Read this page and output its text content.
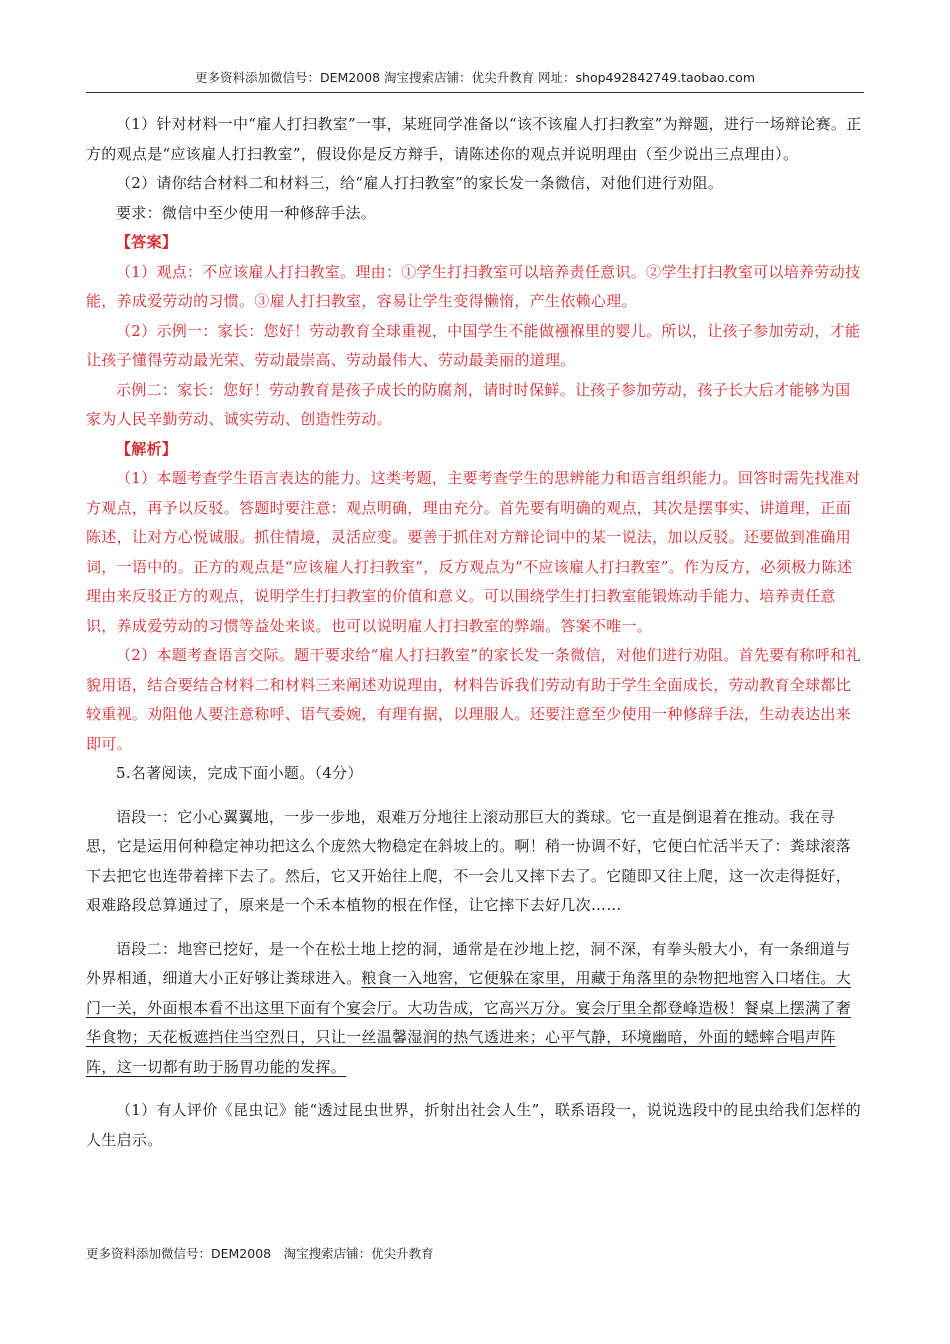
更多资料添加微信号：DEM2008 淘宝搜索店铺：优尖升教育 网址：shop492842749.taobao.com

（1）针对材料一中“雇人打扫教室”一事，某班同学准备以“该不该雇人打扫教室”为辩题，进行一场辩论赛。正方的观点是“应该雇人打扫教室”，假设你是反方辩手，请陈述你的观点并说明理由（至少说出三点理由）。

（2）请你结合材料二和材料三，给“雇人打扫教室”的家长发一条微信，对他们进行劝阻。

要求：微信中至少使用一种修辞手法。

【答案】

（1）观点：不应该雇人打扫教室。理由：①学生打扫教室可以培养责任意识。②学生打扫教室可以培养劳动技能，养成爱劳动的习惯。③雇人打扫教室，容易让学生变得懒惰，产生依赖心理。

（2）示例一：家长：您好！劳动教育全球重视，中国学生不能做襁褓里的婴儿。所以，让孩子参加劳动，才能让孩子懂得劳动最光荣、劳动最崇高、劳动最伟大、劳动最美丽的道理。

示例二：家长：您好！劳动教育是孩子成长的防腐剂，请时时保鲜。让孩子参加劳动，孩子长大后才能够为国家为人民辛勤劳动、诚实劳动、创造性劳动。

【解析】

（1）本题考查学生语言表达的能力。这类考题，主要考查学生的思辨能力和语言组织能力。回答时需先找准对方观点，再予以反驳。答题时要注意：观点明确，理由充分。首先要有明确的观点，其次是摆事实、讲道理，正面陈述，让对方心悦诚服。抓住情境，灵活应变。要善于抓住对方辩论词中的某一说法，加以反驳。还要做到准确用词，一语中的。正方的观点是“应该雇人打扫教室”，反方观点为“不应该雇人打扫教室”。作为反方，必须极力陈述理由来反驳正方的观点，说明学生打扫教室的价值和意义。可以围绕学生打扫教室能锻炼动手能力、培养责任意识，养成爱劳动的习惯等益处来谈。也可以说明雇人打扫教室的弊端。答案不唯一。

（2）本题考查语言交际。题干要求给“雇人打扫教室”的家长发一条微信，对他们进行劝阻。首先要有称呼和礼貌用语，结合要结合材料二和材料三来阐述劝说理由，材料告诉我们劳动有助于学生全面成长，劳动教育全球都比较重视。劝阻他人要注意称呼、语气委婉，有理有据，以理服人。还要注意至少使用一种修辞手法，生动表达出来即可。

5.名著阅读，完成下面小题。（4分）

语段一：它小心翼翼地，一步一步地，艰难万分地往上滚动那巨大的粪球。它一直是倒退着在推动。我在寻思，它是运用何种稳定神功把这么个庞然大物稳定在斜坡上的。啊！稍一协调不好，它便白忙活半天了：粪球滚落下去把它也连带着摔下去了。然后，它又开始往上爬，不一会儿又摔下去了。它随即又往上爬，这一次走得挺好，艰难路段总算通过了，原来是一个禾本植物的根在作怪，让它摔下去好几次……

语段二：地窖已挖好，是一个在松土地上挖的洞，通常是在沙地上挖，洞不深，有拳头般大小，有一条细道与外界相通，细道大小正好够让粪球进入。粮食一入地窖，它便躲在家里，用藏于角落里的杂物把地窖入口堵住。大门一关，外面根本看不出这里下面有个宴会厅。大功告成，它高兴万分。宴会厅里全都登峰造极！餐桌上摆满了奢华食物；天花板遮挡住当空烈日，只让一丝温馨湿润的热气透进来；心平气静，环境幽暗，外面的蟋蟀合唱声阵阵，这一切都有助于肠胃功能的发挥。

（1）有人评价《昆虫记》能“透过昆虫世界，折射出社会人生”，联系语段一，说说选段中的昆虫给我们怎样的人生启示。

更多资料添加微信号：DEM2008　淘宝搜索店铺：优尖升教育
